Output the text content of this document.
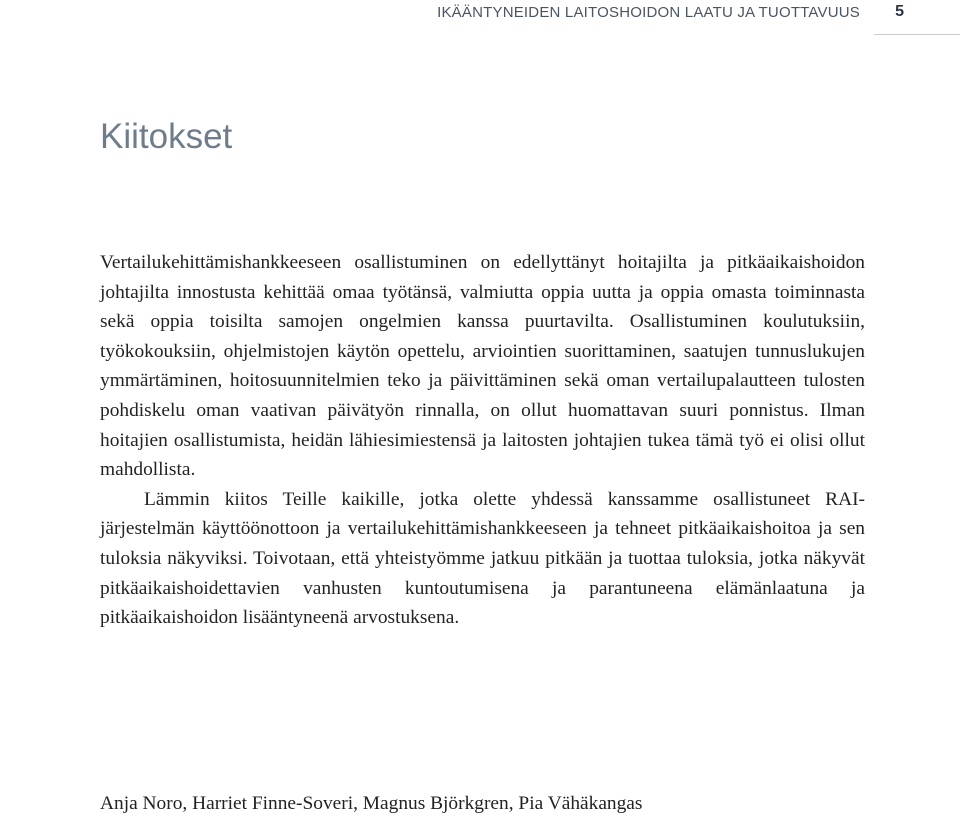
IKÄÄNTYNEIDEN LAITOSHOIDON LAATU JA TUOTTAVUUS 5
Kiitokset

Vertailukehittämishankkeeseen osallistuminen on edellyttänyt hoitajilta ja pitkäaikaishoidon johtajilta innostusta kehittää omaa työtänsä, valmiutta oppia uutta ja oppia omasta toiminnasta sekä oppia toisilta samojen ongelmien kanssa puurtavilta. Osallistuminen koulutuksiin, työkokouksiin, ohjelmistojen käytön opettelu, arviointien suorittaminen, saatujen tunnuslukujen ymmärtäminen, hoitosuunnitelmien teko ja päivittäminen sekä oman vertailupalautteen tulosten pohdiskelu oman vaativan päivätyön rinnalla, on ollut huomattavan suuri ponnistus. Ilman hoitajien osallistumista, heidän lähiesimiestensä ja laitosten johtajien tukea tämä työ ei olisi ollut mahdollista.

Lämmin kiitos Teille kaikille, jotka olette yhdessä kanssamme osallistuneet RAI-järjestelmän käyttöönottoon ja vertailukehittämishankkeeseen ja tehneet pitkäaikaishoitoa ja sen tuloksia näkyviksi. Toivotaan, että yhteistyömme jatkuu pitkään ja tuottaa tuloksia, jotka näkyvät pitkäaikaishoidettavien vanhusten kuntoutumisena ja parantuneena elämänlaatuna ja pitkäaikaishoidon lisääntyneenä arvostuksena.

Anja Noro, Harriet Finne-Soveri, Magnus Björkgren, Pia Vähäkangas
